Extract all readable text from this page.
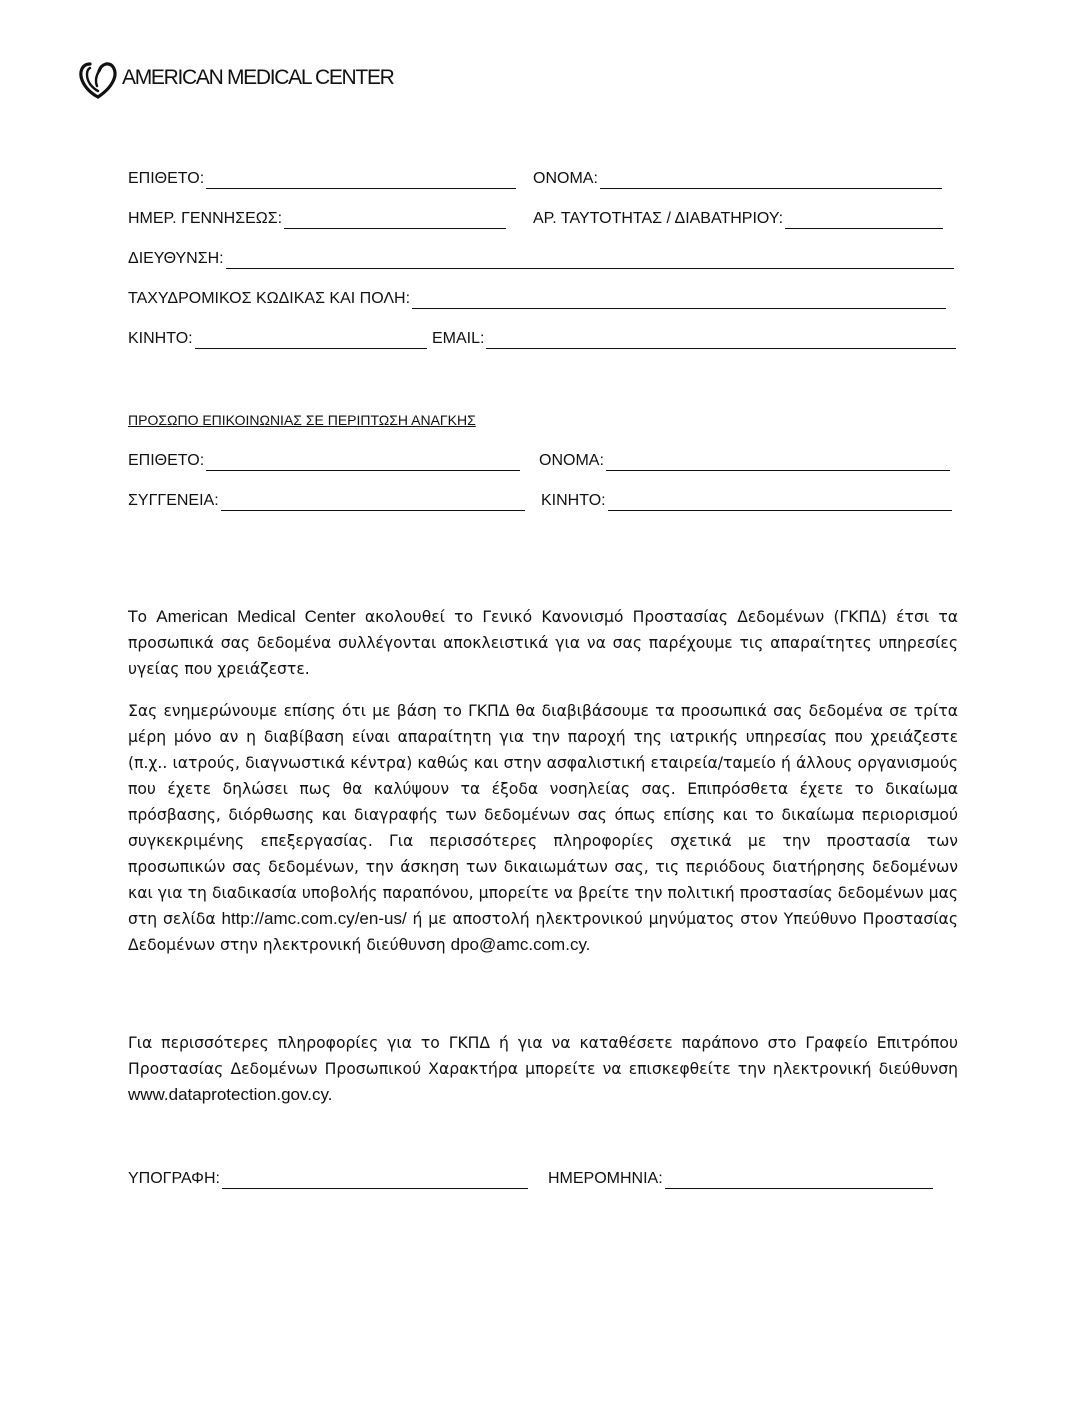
AMERICAN MEDICAL CENTER
ΕΠΙΘΕΤΟ:	ΟΝΟΜΑ:
ΗΜΕΡ. ΓΕΝΝΗΣΕΩΣ:	ΑΡ. ΤΑΥΤΟΤΗΤΑΣ / ΔΙΑΒΑΤΗΡΙΟΥ:
ΔΙΕΥΘΥΝΣΗ:
ΤΑΧΥΔΡΟΜΙΚΟΣ ΚΩΔΙΚΑΣ ΚΑΙ ΠΟΛΗ:
ΚΙΝΗΤΟ:	EMAIL:
ΠΡΟΣΩΠΟ ΕΠΙΚΟΙΝΩΝΙΑΣ ΣΕ ΠΕΡΙΠΤΩΣΗ ΑΝΑΓΚΗΣ
ΕΠΙΘΕΤΟ:	ΟΝΟΜΑ:
ΣΥΓΓΕΝΕΙΑ:	ΚΙΝΗΤΟ:
Το American Medical Center ακολουθεί το Γενικό Κανονισμό Προστασίας Δεδομένων (ΓΚΠΔ) έτσι τα προσωπικά σας δεδομένα συλλέγονται αποκλειστικά για να σας παρέχουμε τις απαραίτητες υπηρεσίες υγείας που χρειάζεστε.
Σας ενημερώνουμε επίσης ότι με βάση το ΓΚΠΔ θα διαβιβάσουμε τα προσωπικά σας δεδομένα σε τρίτα μέρη μόνο αν η διαβίβαση είναι απαραίτητη για την παροχή της ιατρικής υπηρεσίας που χρειάζεστε (π.χ.. ιατρούς, διαγνωστικά κέντρα) καθώς και στην ασφαλιστική εταιρεία/ταμείο ή άλλους οργανισμούς που έχετε δηλώσει πως θα καλύψουν τα έξοδα νοσηλείας σας. Επιπρόσθετα έχετε το δικαίωμα πρόσβασης, διόρθωσης και διαγραφής των δεδομένων σας όπως επίσης και το δικαίωμα περιορισμού συγκεκριμένης επεξεργασίας. Για περισσότερες πληροφορίες σχετικά με την προστασία των προσωπικών σας δεδομένων, την άσκηση των δικαιωμάτων σας, τις περιόδους διατήρησης δεδομένων και για τη διαδικασία υποβολής παραπόνου, μπορείτε να βρείτε την πολιτική προστασίας δεδομένων μας στη σελίδα http://amc.com.cy/en-us/ ή με αποστολή ηλεκτρονικού μηνύματος στον Υπεύθυνο Προστασίας Δεδομένων στην ηλεκτρονική διεύθυνση dpo@amc.com.cy.
Για περισσότερες πληροφορίες για το ΓΚΠΔ ή για να καταθέσετε παράπονο στο Γραφείο Επιτρόπου Προστασίας Δεδομένων Προσωπικού Χαρακτήρα μπορείτε να επισκεφθείτε την ηλεκτρονική διεύθυνση www.dataprotection.gov.cy.
ΥΠΟΓΡΑΦΗ:	ΗΜΕΡΟΜΗΝΙΑ:
